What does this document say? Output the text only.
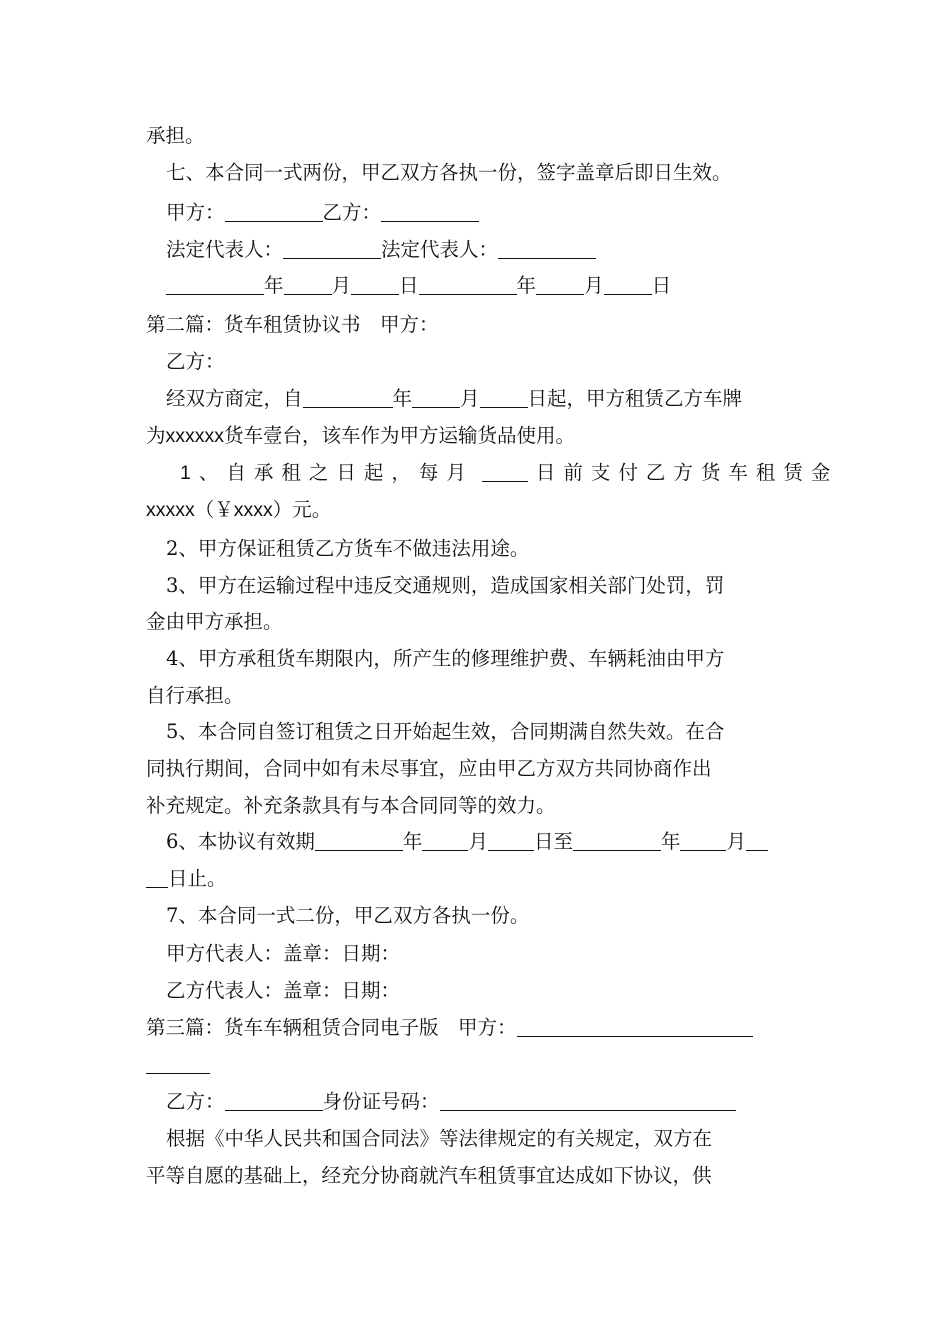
承担。
七、本合同一式两份，甲乙双方各执一份，签字盖章后即日生效。
甲方：	乙方：
法定代表人：	法定代表人：
年 月 日	年 月 日
第二篇：货车租赁协议书　甲方：
乙方：
经双方商定，自	年 月 日起，甲方租赁乙方车牌
为xxxxxx货车壹台，该车作为甲方运输货品使用。
1、自承租之日起，每月	日前支付乙方货车租赁金
xxxxx（￥xxxx）元。
2、甲方保证租赁乙方货车不做违法用途。
3、甲方在运输过程中违反交通规则，造成国家相关部门处罚，罚
金由甲方承担。
4、甲方承租货车期限内，所产生的修理维护费、车辆耗油由甲方
自行承担。
5、本合同自签订租赁之日开始起生效，合同期满自然失效。在合
同执行期间，合同中如有未尽事宜，应由甲乙方双方共同协商作出
补充规定。补充条款具有与本合同同等的效力。
6、本协议有效期	年 月 日至	年 月
日止。
7、本合同一式二份，甲乙双方各执一份。
甲方代表人：盖章：日期：
乙方代表人：盖章：日期：
第三篇：货车车辆租赁合同电子版　甲方：
乙方：	身份证号码：
根据《中华人民共和国合同法》等法律规定的有关规定，双方在
平等自愿的基础上，经充分协商就汽车租赁事宜达成如下协议，供
